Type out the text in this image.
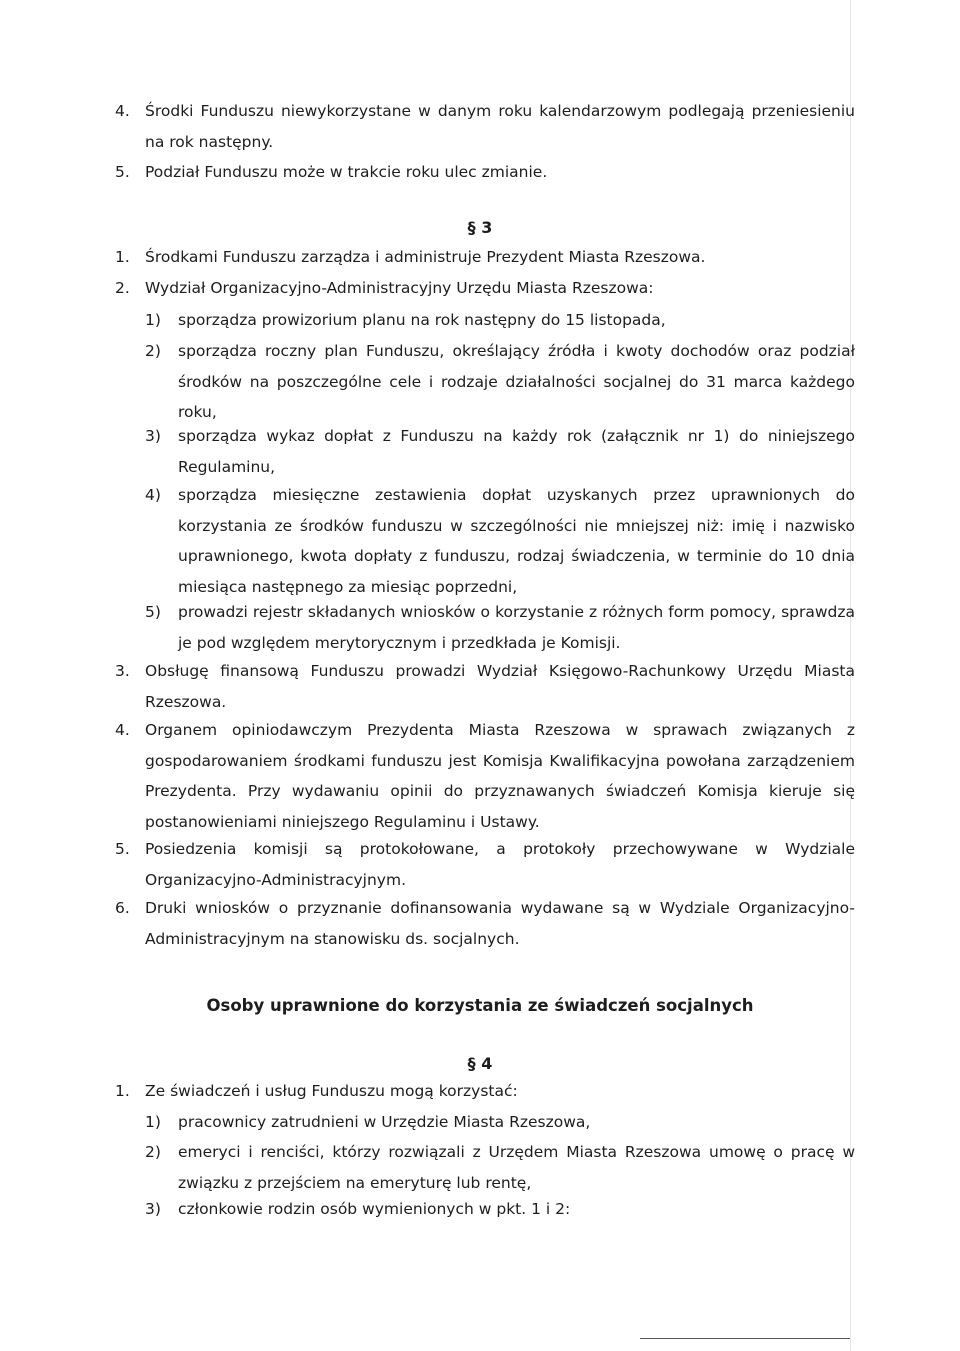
4. Środki Funduszu niewykorzystane w danym roku kalendarzowym podlegają przeniesieniu na rok następny.
5. Podział Funduszu może w trakcie roku ulec zmianie.
§ 3
1. Środkami Funduszu zarządza i administruje Prezydent Miasta Rzeszowa.
2. Wydział Organizacyjno-Administracyjny Urzędu Miasta Rzeszowa:
1) sporządza prowizorium planu na rok następny do 15 listopada,
2) sporządza roczny plan Funduszu, określający źródła i kwoty dochodów oraz podział środków na poszczególne cele i rodzaje działalności socjalnej do 31 marca każdego roku,
3) sporządza wykaz dopłat z Funduszu na każdy rok (załącznik nr 1) do niniejszego Regulaminu,
4) sporządza miesięczne zestawienia dopłat uzyskanych przez uprawnionych do korzystania ze środków funduszu w szczególności nie mniejszej niż: imię i nazwisko uprawnionego, kwota dopłaty z funduszu, rodzaj świadczenia, w terminie do 10 dnia miesiąca następnego za miesiąc poprzedni,
5) prowadzi rejestr składanych wniosków o korzystanie z różnych form pomocy, sprawdza je pod względem merytorycznym i przedkłada je Komisji.
3. Obsługę finansową Funduszu prowadzi Wydział Księgowo-Rachunkowy Urzędu Miasta Rzeszowa.
4. Organem opiniodawczym Prezydenta Miasta Rzeszowa w sprawach związanych z gospodarowaniem środkami funduszu jest Komisja Kwalifikacyjna powołana zarządzeniem Prezydenta. Przy wydawaniu opinii do przyznawanych świadczeń Komisja kieruje się postanowieniami niniejszego Regulaminu i Ustawy.
5. Posiedzenia komisji są protokołowane, a protokoły przechowywane w Wydziale Organizacyjno-Administracyjnym.
6. Druki wniosków o przyznanie dofinansowania wydawane są w Wydziale Organizacyjno-Administracyjnym na stanowisku ds. socjalnych.
Osoby uprawnione do korzystania ze świadczeń socjalnych
§ 4
1. Ze świadczeń i usług Funduszu mogą korzystać:
1) pracownicy zatrudnieni w Urzędzie Miasta Rzeszowa,
2) emeryci i renciści, którzy rozwiązali z Urzędem Miasta Rzeszowa umowę o pracę w związku z przejściem na emeryturę lub rentę,
3) członkowie rodzin osób wymienionych w pkt. 1 i 2:
